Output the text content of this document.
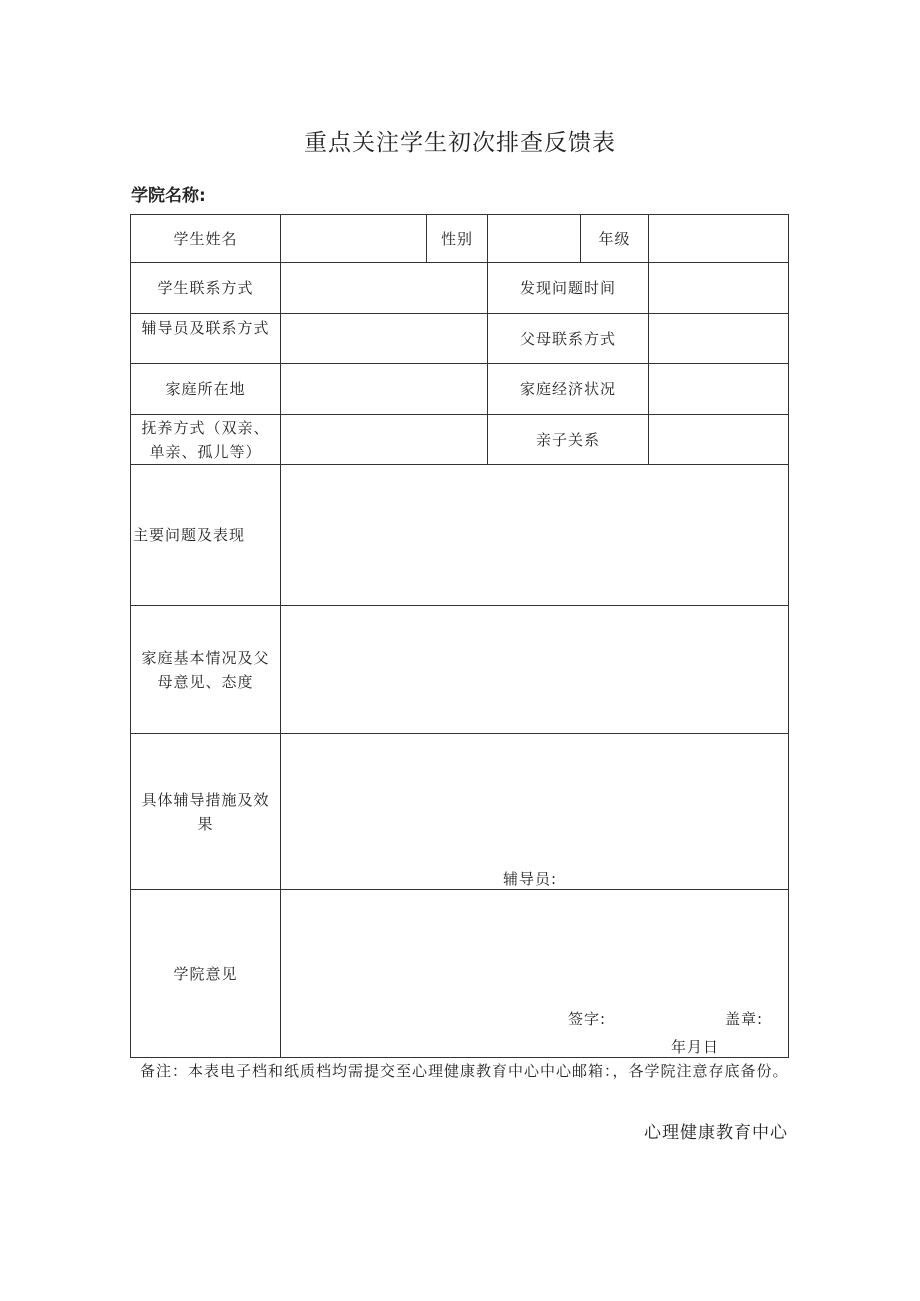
重点关注学生初次排查反馈表
学院名称:
学生姓名		性别		年级	
学生联系方式			发现问题时间		
辅导员及联系方式			父母联系方式		
家庭所在地			家庭经济状况		

抚养方式（双亲、
单亲、孤儿等）			亲子关系		
主要问题及表现					

家庭基本情况及父
母意见、态度					

具体辅导措施及效
果	辅导员:				

学院意见	签字: 盖章:
年月日				
备注：本表电子档和纸质档均需提交至心理健康教育中心中心邮箱：，各学院注意存底备份。
心理健康教育中心
